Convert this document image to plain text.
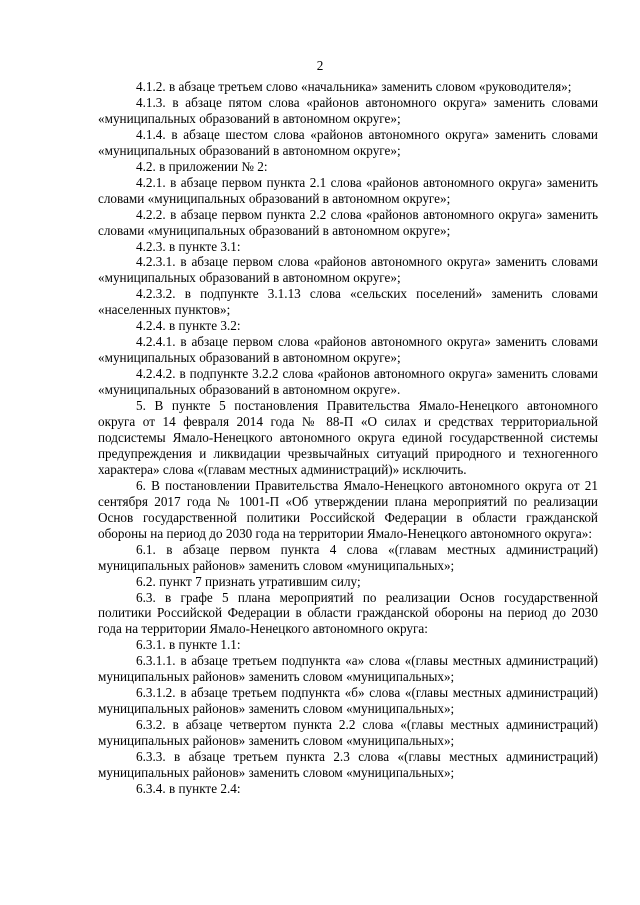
2

4.1.2. в абзаце третьем слово «начальника» заменить словом «руководителя»;

4.1.3. в абзаце пятом слова «районов автономного округа» заменить словами «муниципальных образований в автономном округе»;

4.1.4. в абзаце шестом слова «районов автономного округа» заменить словами «муниципальных образований в автономном округе»;

4.2. в приложении № 2:

4.2.1. в абзаце первом пункта 2.1 слова «районов автономного округа» заменить словами «муниципальных образований в автономном округе»;

4.2.2. в абзаце первом пункта 2.2 слова «районов автономного округа» заменить словами «муниципальных образований в автономном округе»;

4.2.3. в пункте 3.1:

4.2.3.1. в абзаце первом слова «районов автономного округа» заменить словами «муниципальных образований в автономном округе»;

4.2.3.2. в подпункте 3.1.13 слова «сельских поселений» заменить словами «населенных пунктов»;

4.2.4. в пункте 3.2:

4.2.4.1. в абзаце первом слова «районов автономного округа» заменить словами «муниципальных образований в автономном округе»;

4.2.4.2. в подпункте 3.2.2 слова «районов автономного округа» заменить словами «муниципальных образований в автономном округе».

5. В пункте 5 постановления Правительства Ямало-Ненецкого автономного округа от 14 февраля 2014 года № 88-П «О силах и средствах территориальной подсистемы Ямало-Ненецкого автономного округа единой государственной системы предупреждения и ликвидации чрезвычайных ситуаций природного и техногенного характера» слова «(главам местных администраций)» исключить.

6. В постановлении Правительства Ямало-Ненецкого автономного округа от 21 сентября 2017 года № 1001-П «Об утверждении плана мероприятий по реализации Основ государственной политики Российской Федерации в области гражданской обороны на период до 2030 года на территории Ямало-Ненецкого автономного округа»:

6.1. в абзаце первом пункта 4 слова «(главам местных администраций) муниципальных районов» заменить словом «муниципальных»;

6.2. пункт 7 признать утратившим силу;

6.3. в графе 5 плана мероприятий по реализации Основ государственной политики Российской Федерации в области гражданской обороны на период до 2030 года на территории Ямало-Ненецкого автономного округа:

6.3.1. в пункте 1.1:

6.3.1.1. в абзаце третьем подпункта «а» слова «(главы местных администраций) муниципальных районов» заменить словом «муниципальных»;

6.3.1.2. в абзаце третьем подпункта «б» слова «(главы местных администраций) муниципальных районов» заменить словом «муниципальных»;

6.3.2. в абзаце четвертом пункта 2.2 слова «(главы местных администраций) муниципальных районов» заменить словом «муниципальных»;

6.3.3. в абзаце третьем пункта 2.3 слова «(главы местных администраций) муниципальных районов» заменить словом «муниципальных»;

6.3.4. в пункте 2.4:
